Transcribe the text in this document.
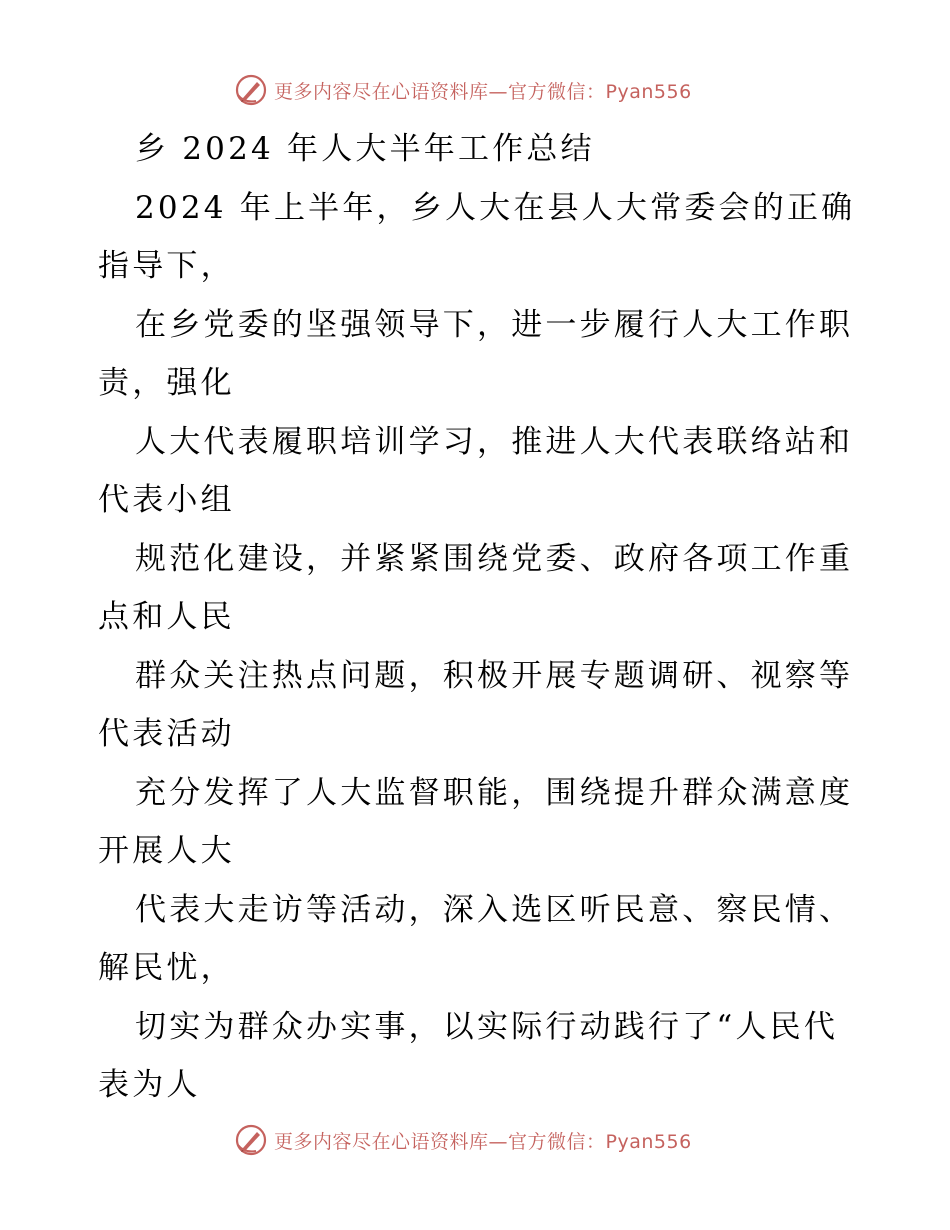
更多内容尽在心语资料库—官方微信：Pyan556
乡 2024 年人大半年工作总结
2024 年上半年，乡人大在县人大常委会的正确
指导下，
在乡党委的坚强领导下，进一步履行人大工作职
责，强化
人大代表履职培训学习，推进人大代表联络站和
代表小组
规范化建设，并紧紧围绕党委、政府各项工作重
点和人民
群众关注热点问题，积极开展专题调研、视察等
代表活动
充分发挥了人大监督职能，围绕提升群众满意度
开展人大
代表大走访等活动，深入选区听民意、察民情、
解民忧，
切实为群众办实事，以实际行动践行了“人民代
表为人
更多内容尽在心语资料库—官方微信：Pyan556
